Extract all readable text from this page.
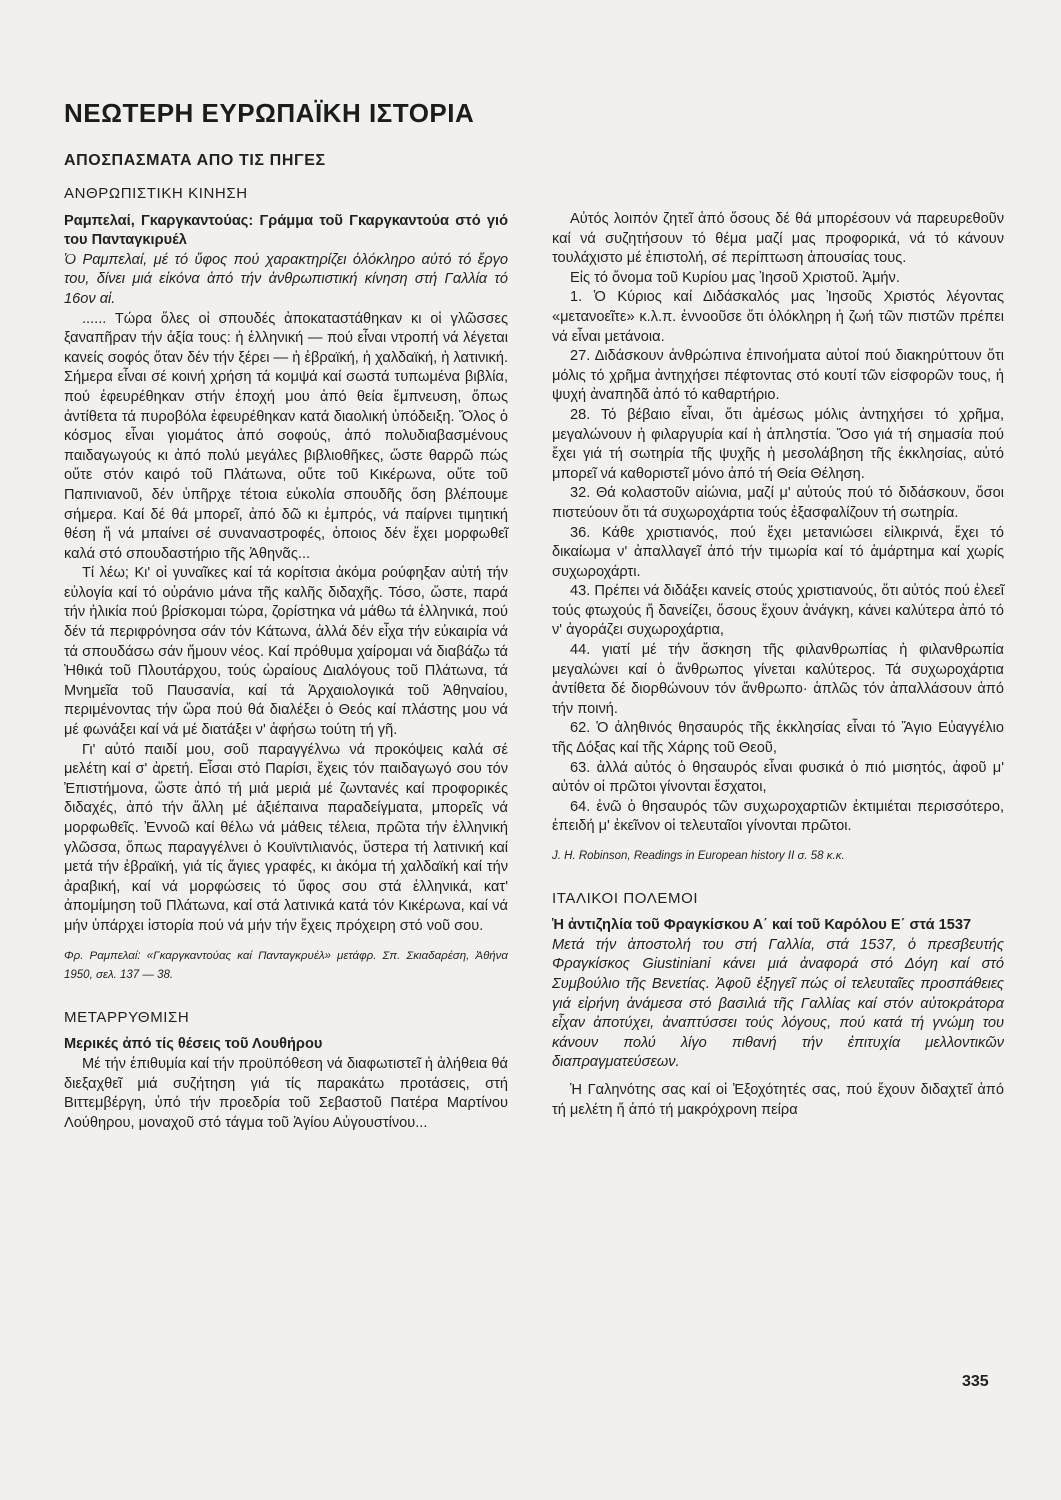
ΝΕΩΤΕΡΗ ΕΥΡΩΠΑΪΚΗ ΙΣΤΟΡΙΑ
ΑΠΟΣΠΑΣΜΑΤΑ ΑΠΟ ΤΙΣ ΠΗΓΕΣ
ΑΝΘΡΩΠΙΣΤΙΚΗ ΚΙΝΗΣΗ

Ραμπελαί, Γκαργκαντούας: Γράμμα τοῦ Γκαργκαντούα στό γιό του Πανταγκιρυέλ

Ὁ Ραμπελαί, μέ τό ὕφος πού χαρακτηρίζει ὁλόκληρο αὐτό τό ἔργο του, δίνει μιά εἰκόνα ἀπό τήν ἀνθρωπιστική κίνηση στή Γαλλία τό 16ον αἱ.

...... Τώρα ὅλες οἱ σπουδές ἀποκαταστάθηκαν κι οἱ γλῶσσες ξαναπῆραν τήν ἀξία τους: ἡ ἑλληνική — πού εἶναι ντροπή νά λέγεται κανείς σοφός ὅταν δέν τήν ξέρει — ἡ ἑβραϊκή, ἡ χαλδαϊκή, ἡ λατινική. Σήμερα εἶναι σέ κοινή χρήση τά κομψά καί σωστά τυπωμένα βιβλία, πού ἐφευρέθηκαν στήν ἐποχή μου ἀπό θεία ἔμπνευση, ὅπως ἀντίθετα τά πυροβόλα ἐφευρέθηκαν κατά διαολική ὑπόδειξη. Ὅλος ὁ κόσμος εἶναι γιομάτος ἀπό σοφούς, ἀπό πολυδιαβασμένους παιδαγωγούς κι ἀπό πολύ μεγάλες βιβλιοθῆκες, ὥστε θαρρῶ πώς οὔτε στόν καιρό τοῦ Πλάτωνα, οὔτε τοῦ Κικέρωνα, οὔτε τοῦ Παπινιανοῦ, δέν ὑπῆρχε τέτοια εὐκολία σπουδῆς ὅση βλέπουμε σήμερα. Καί δέ θά μπορεῖ, ἀπό δῶ κι ἐμπρός, νά παίρνει τιμητική θέση ἤ νά μπαίνει σέ συναναστροφές, ὁποιος δέν ἔχει μορφωθεῖ καλά στό σπουδαστήριο τῆς Ἀθηνᾶς...

Τί λέω; Κι' οἱ γυναῖκες καί τά κορίτσια ἀκόμα ρούφηξαν αὐτή τήν εὐλογία καί τό οὐράνιο μάνα τῆς καλῆς διδαχῆς. Τόσο, ὥστε, παρά τήν ἡλικία πού βρίσκομαι τώρα, ζορίστηκα νά μάθω τά ἑλληνικά, πού δέν τά περιφρόνησα σάν τόν Κάτωνα, ἀλλά δέν εἶχα τήν εὐκαιρία νά τά σπουδάσω σάν ἤμουν νέος. Καί πρόθυμα χαίρομαι νά διαβάζω τά Ἠθικά τοῦ Πλουτάρχου, τούς ὡραίους Διαλόγους τοῦ Πλάτωνα, τά Μνημεῖα τοῦ Παυσανία, καί τά Ἀρχαιολογικά τοῦ Ἀθηναίου, περιμένοντας τήν ὥρα πού θά διαλέξει ὁ Θεός καί πλάστης μου νά μέ φωνάξει καί νά μέ διατάξει ν' ἀφήσω τούτη τή γῆ.

Γι' αὐτό παιδί μου, σοῦ παραγγέλνω νά προκόψεις καλά σέ μελέτη καί σ' ἀρετή. Εἶσαι στό Παρίσι, ἔχεις τόν παιδαγωγό σου τόν Ἐπιστήμονα, ὥστε ἀπό τή μιά μεριά μέ ζωντανές καί προφορικές διδαχές, ἀπό τήν ἄλλη μέ ἀξιέπαινα παραδείγματα, μπορεῖς νά μορφωθεῖς. Ἐννοῶ καί θέλω νά μάθεις τέλεια, πρῶτα τήν ἑλληνική γλῶσσα, ὅπως παραγγέλνει ὁ Κουϊντιλιανός, ὕστερα τή λατινική καί μετά τήν ἑβραϊκή, γιά τίς ἅγιες γραφές, κι ἀκόμα τή χαλδαϊκή καί τήν ἀραβική, καί νά μορφώσεις τό ὕφος σου στά ἑλληνικά, κατ' ἀπομίμηση τοῦ Πλάτωνα, καί στά λατινικά κατά τόν Κικέρωνα, καί νά μήν ὑπάρχει ἱστορία πού νά μήν τήν ἔχεις πρόχειρη στό νοῦ σου.

Φρ. Ραμπελαί: «Γκαργκαντούας καί Πανταγκρυέλ» μετάφρ. Σπ. Σκιαδαρέση, Ἀθήνα 1950, σελ. 137 — 38.

ΜΕΤΑΡΡΥΘΜΙΣΗ

Μερικές ἀπό τίς θέσεις τοῦ Λουθήρου

Μέ τήν ἐπιθυμία καί τήν προϋπόθεση νά διαφωτιστεῖ ἡ ἀλήθεια θά διεξαχθεῖ μιά συζήτηση γιά τίς παρακάτω προτάσεις, στή Βιττεμβέργη, ὑπό τήν προεδρία τοῦ Σεβαστοῦ Πατέρα Μαρτίνου Λούθηρου, μοναχοῦ στό τάγμα τοῦ Ἁγίου Αὐγουστίνου...

Αὐτός λοιπόν ζητεῖ ἀπό ὅσους δέ θά μπορέσουν νά παρευρεθοῦν καί νά συζητήσουν τό θέμα μαζί μας προφορικά, νά τό κάνουν τουλάχιστο μέ ἐπιστολή, σέ περίπτωση ἀπουσίας τους.

Εἰς τό ὄνομα τοῦ Κυρίου μας Ἰησοῦ Χριστοῦ. Ἀμήν.

1. Ὁ Κύριος καί Διδάσκαλός μας Ἰησοῦς Χριστός λέγοντας «μετανοεῖτε» κ.λ.π. ἐννοοῦσε ὅτι ὁλόκληρη ἡ ζωή τῶν πιστῶν πρέπει νά εἶναι μετάνοια.

27. Διδάσκουν ἀνθρώπινα ἐπινοήματα αὐτοί πού διακηρύττουν ὅτι μόλις τό χρῆμα ἀντηχήσει πέφτοντας στό κουτί τῶν εἰσφορῶν τους, ἡ ψυχή ἀναπηδᾶ ἀπό τό καθαρτήριο.

28. Τό βέβαιο εἶναι, ὅτι ἀμέσως μόλις ἀντηχήσει τό χρῆμα, μεγαλώνουν ἡ φιλαργυρία καί ἡ ἀπληστία. Ὅσο γιά τή σημασία πού ἔχει γιά τή σωτηρία τῆς ψυχῆς ἡ μεσολάβηση τῆς ἐκκλησίας, αὐτό μπορεῖ νά καθοριστεῖ μόνο ἀπό τή Θεία Θέληση.

32. Θά κολαστοῦν αἰώνια, μαζί μ' αὐτούς πού τό διδάσκουν, ὅσοι πιστεύουν ὅτι τά συχωροχάρτια τούς ἐξασφαλίζουν τή σωτηρία.

36. Κάθε χριστιανός, πού ἔχει μετανιώσει εἰλικρινά, ἔχει τό δικαίωμα ν' ἀπαλλαγεῖ ἀπό τήν τιμωρία καί τό ἁμάρτημα καί χωρίς συχωροχάρτι.

43. Πρέπει νά διδάξει κανείς στούς χριστιανούς, ὅτι αὐτός πού ἐλεεῖ τούς φτωχούς ἤ δανείζει, ὅσους ἔχουν ἀνάγκη, κάνει καλύτερα ἀπό τό ν' ἀγοράζει συχωροχάρτια,

44. γιατί μέ τήν ἄσκηση τῆς φιλανθρωπίας ἡ φιλανθρωπία μεγαλώνει καί ὁ ἄνθρωπος γίνεται καλύτερος. Τά συχωροχάρτια ἀντίθετα δέ διορθώνουν τόν ἄνθρωπο· ἁπλῶς τόν ἀπαλλάσουν ἀπό τήν ποινή.

62. Ὁ ἀληθινός θησαυρός τῆς ἐκκλησίας εἶναι τό Ἅγιο Εὐαγγέλιο τῆς Δόξας καί τῆς Χάρης τοῦ Θεοῦ,

63. ἀλλά αὐτός ὁ θησαυρός εἶναι φυσικά ὁ πιό μισητός, ἀφοῦ μ' αὐτόν οἱ πρῶτοι γίνονται ἔσχατοι,

64. ἐνῶ ὁ θησαυρός τῶν συχωροχαρτιῶν ἐκτιμιέται περισσότερο, ἐπειδή μ' ἐκεῖνον οἱ τελευταῖοι γίνονται πρῶτοι.

J. H. Robinson, Readings in European history II σ. 58 κ.κ.

ΙΤΑΛΙΚΟΙ ΠΟΛΕΜΟΙ

Ἡ ἀντιζηλία τοῦ Φραγκίσκου Α΄ καί τοῦ Καρόλου Ε΄ στά 1537

Μετά τήν ἀποστολή του στή Γαλλία, στά 1537, ὁ πρεσβευτής Φραγκίσκος Giustiniani κάνει μιά ἀναφορά στό Δόγη καί στό Συμβούλιο τῆς Βενετίας. Ἀφοῦ ἐξηγεῖ πώς οἱ τελευταῖες προσπάθειες γιά εἰρήνη ἀνάμεσα στό βασιλιά τῆς Γαλλίας καί στόν αὐτοκράτορα εἶχαν ἀποτύχει, ἀναπτύσσει τούς λόγους, πού κατά τή γνώμη του κάνουν πολύ λίγο πιθανή τήν ἐπιτυχία μελλοντικῶν διαπραγματεύσεων.

Ἡ Γαληνότης σας καί οἱ Ἐξοχότητές σας, πού ἔχουν διδαχτεῖ ἀπό τή μελέτη ἤ ἀπό τή μακρόχρονη πείρα

335
